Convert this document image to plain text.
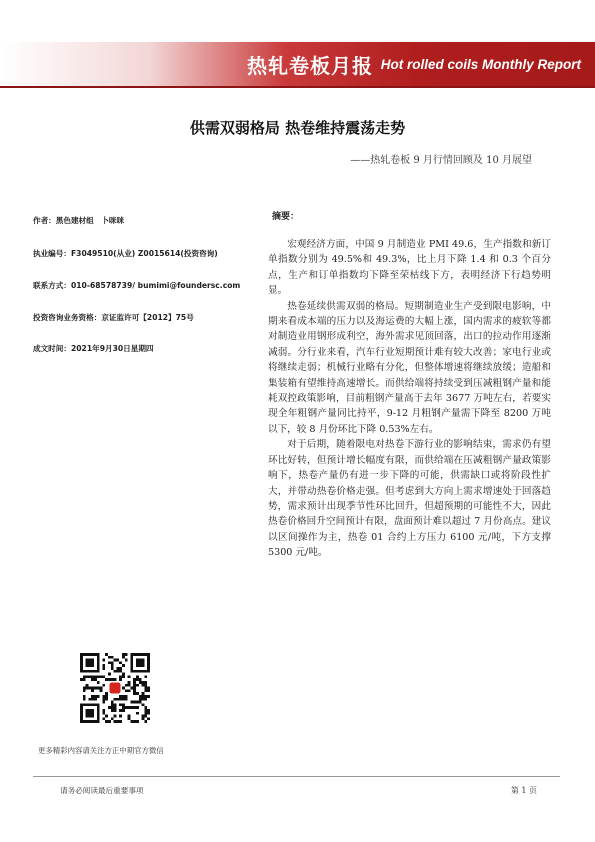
热轧卷板月报 Hot rolled coils Monthly Report
供需双弱格局 热卷维持震荡走势
——热轧卷板 9 月行情回顾及 10 月展望
作者：黑色建材组　卜咪咪
执业编号：F3049510(从业) Z0015614(投资咨询)
联系方式：010-68578739/ bumimi@foundersc.com
投资咨询业务资格：京证监许可【2012】75号
成文时间：2021年9月30日星期四
摘要：

宏观经济方面，中国 9 月制造业 PMI 49.6，生产指数和新订单指数分别为 49.5%和 49.3%，比上月下降 1.4 和 0.3 个百分点，生产和订单指数均下降至荣枯线下方，表明经济下行趋势明显。

热卷延续供需双弱的格局。短期制造业生产受到限电影响，中期来看成本端的压力以及海运费的大幅上涨，国内需求的疲软等都对制造业用钢形成利空，海外需求见顶回落，出口的拉动作用逐渐减弱。分行业来看，汽车行业短期预计难有较大改善；家电行业或将继续走弱；机械行业略有分化，但整体增速将继续放缓；造船和集装箱有望维持高速增长。而供给端将持续受到压减粗钢产量和能耗双控政策影响，目前粗钢产量高于去年 3677 万吨左右，若要实现全年粗钢产量同比持平，9-12 月粗钢产量需下降至 8200 万吨以下，较 8 月份环比下降 0.53%左右。

对于后期，随着限电对热卷下游行业的影响结束，需求仍有望环比好转，但预计增长幅度有限，而供给端在压减粗钢产量政策影响下，热卷产量仍有进一步下降的可能，供需缺口或将阶段性扩大，并带动热卷价格走强。但考虑到大方向上需求增速处于回落趋势，需求预计出现季节性环比回升，但超预期的可能性不大，因此热卷价格回升空间预计有限，盘面预计难以超过 7 月份高点。建议以区间操作为主，热卷 01 合约上方压力 6100 元/吨，下方支撑 5300 元/吨。

更多精彩内容请关注方正中期官方微信
请务必阅读最后重要事项	第 1 页
